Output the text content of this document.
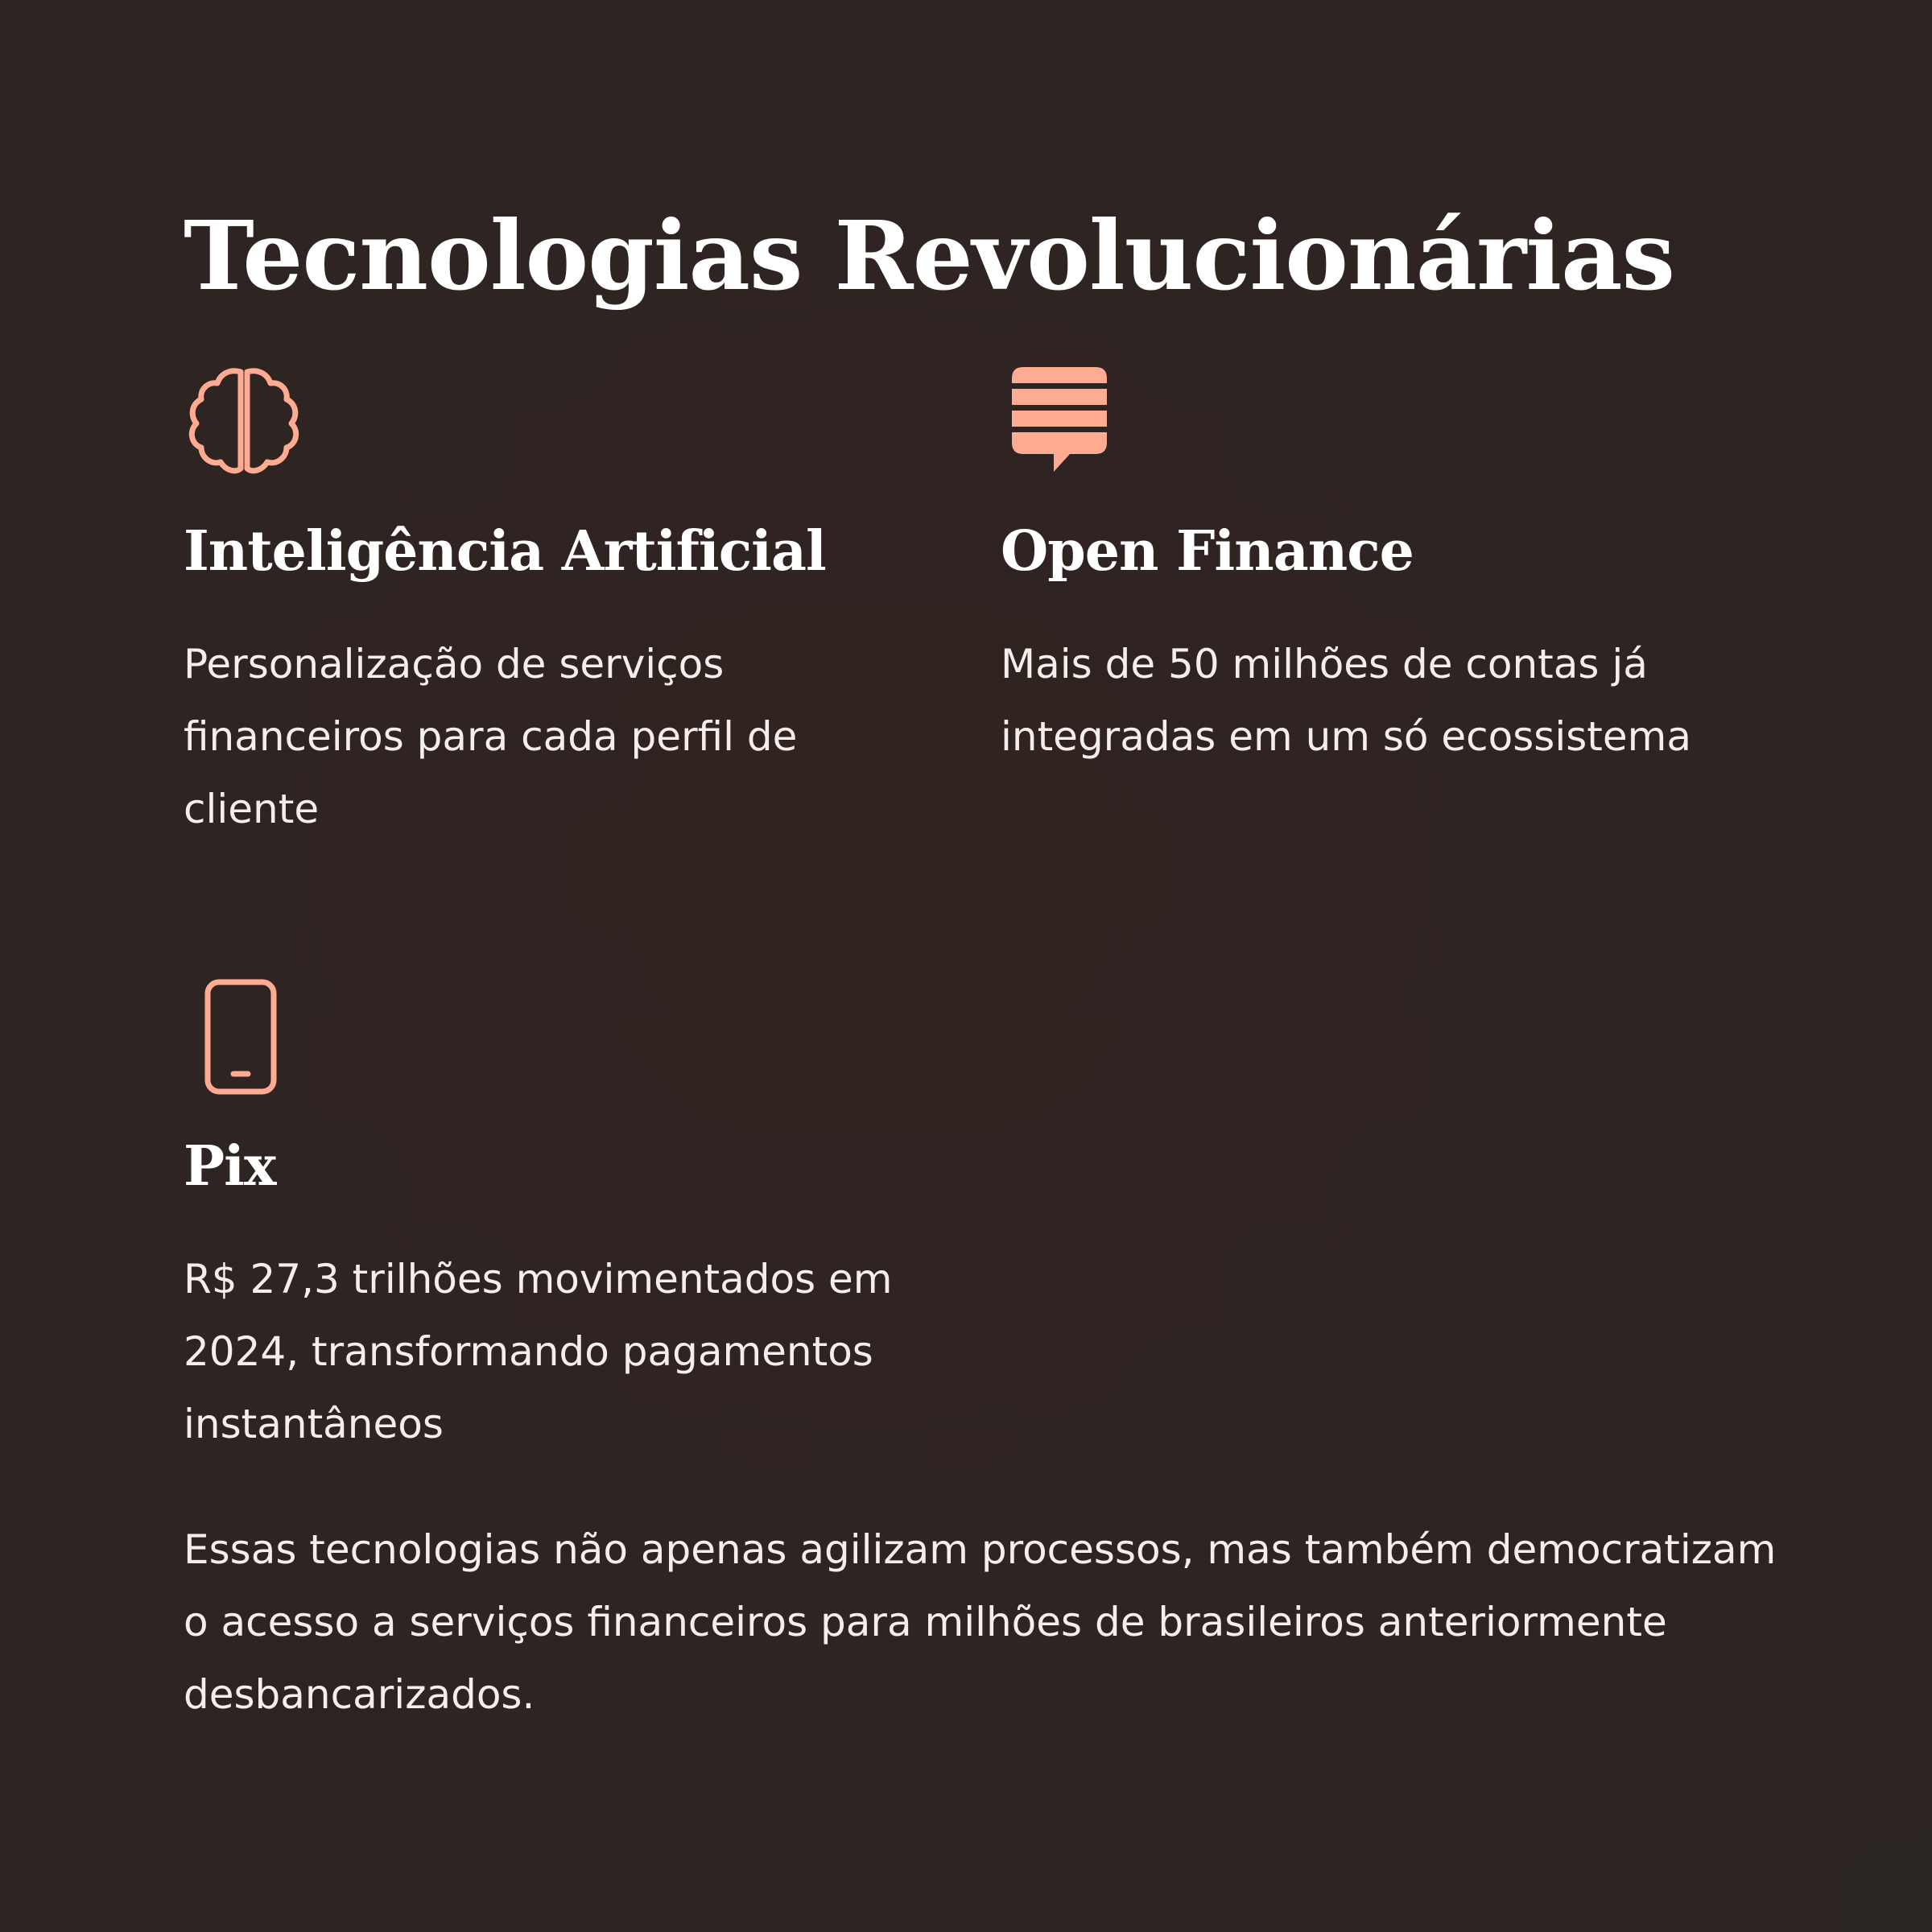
Tecnologias Revolucionárias
Inteligência Artificial

Personalização de serviços financeiros para cada perfil de cliente

Open Finance

Mais de 50 milhões de contas já integradas em um só ecossistema

Pix

R$ 27,3 trilhões movimentados em 2024, transformando pagamentos instantâneos

Essas tecnologias não apenas agilizam processos, mas também democratizam o acesso a serviços financeiros para milhões de brasileiros anteriormente desbancarizados.
